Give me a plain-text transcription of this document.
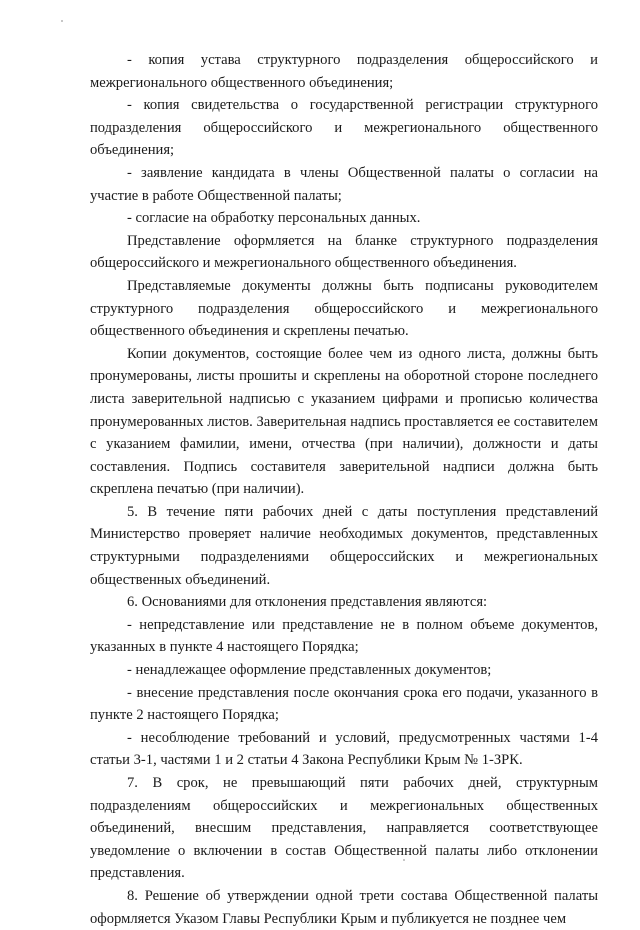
- копия устава структурного подразделения общероссийского и межрегионального общественного объединения;

- копия свидетельства о государственной регистрации структурного подразделения общероссийского и межрегионального общественного объединения;

- заявление кандидата в члены Общественной палаты о согласии на участие в работе Общественной палаты;

- согласие на обработку персональных данных.

Представление оформляется на бланке структурного подразделения общероссийского и межрегионального общественного объединения.

Представляемые документы должны быть подписаны руководителем структурного подразделения общероссийского и межрегионального общественного объединения и скреплены печатью.

Копии документов, состоящие более чем из одного листа, должны быть пронумерованы, листы прошиты и скреплены на оборотной стороне последнего листа заверительной надписью с указанием цифрами и прописью количества пронумерованных листов. Заверительная надпись проставляется ее составителем с указанием фамилии, имени, отчества (при наличии), должности и даты составления. Подпись составителя заверительной надписи должна быть скреплена печатью (при наличии).

5. В течение пяти рабочих дней с даты поступления представлений Министерство проверяет наличие необходимых документов, представленных структурными подразделениями общероссийских и межрегиональных общественных объединений.

6. Основаниями для отклонения представления являются:

- непредставление или представление не в полном объеме документов, указанных в пункте 4 настоящего Порядка;

- ненадлежащее оформление представленных документов;

- внесение представления после окончания срока его подачи, указанного в пункте 2 настоящего Порядка;

- несоблюдение требований и условий, предусмотренных частями 1-4 статьи 3-1, частями 1 и 2 статьи 4 Закона Республики Крым № 1-ЗРК.

7. В срок, не превышающий пяти рабочих дней, структурным подразделениям общероссийских и межрегиональных общественных объединений, внесшим представления, направляется соответствующее уведомление о включении в состав Общественной палаты либо отклонении представления.

8. Решение об утверждении одной трети состава Общественной палаты оформляется Указом Главы Республики Крым и публикуется не позднее чем
